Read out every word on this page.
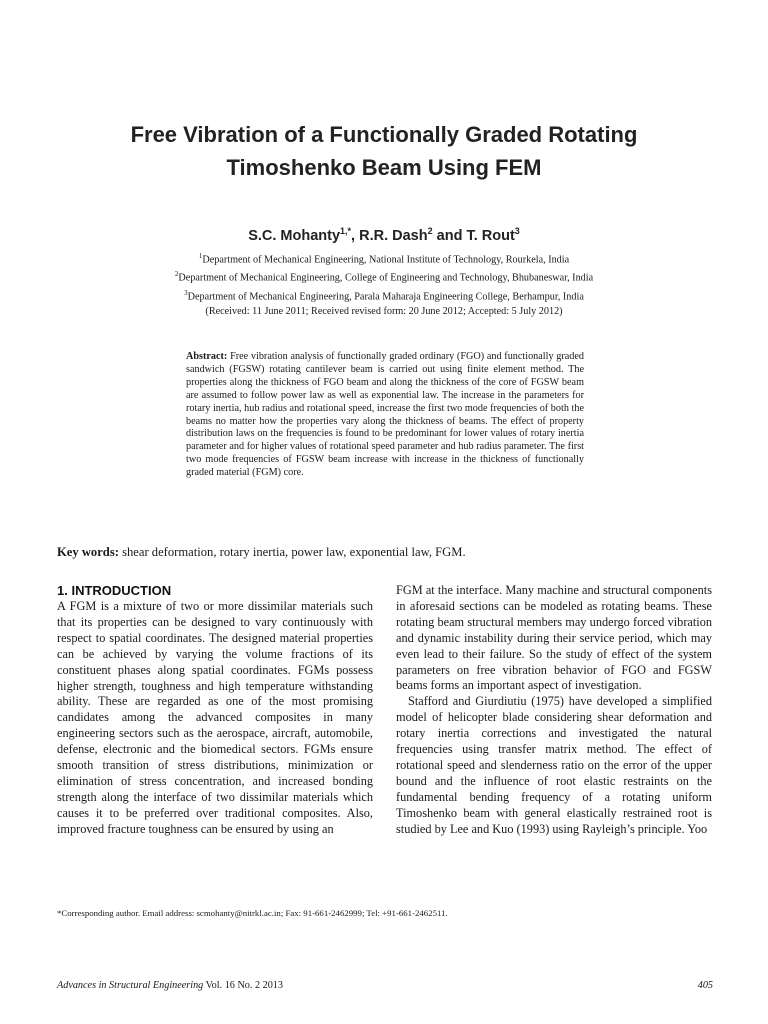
Free Vibration of a Functionally Graded Rotating
Timoshenko Beam Using FEM
S.C. Mohanty$^{1,*}$, R.R. Dash$^2$ and T. Rout$^3$
$^1$Department of Mechanical Engineering, National Institute of Technology, Rourkela, India
$^2$Department of Mechanical Engineering, College of Engineering and Technology, Bhubaneswar, India
$^3$Department of Mechanical Engineering, Parala Maharaja Engineering College, Berhampur, India
(Received: 11 June 2011; Received revised form: 20 June 2012; Accepted: 5 July 2012)
Abstract: Free vibration analysis of functionally graded ordinary (FGO) and functionally graded sandwich (FGSW) rotating cantilever beam is carried out using finite element method. The properties along the thickness of FGO beam and along the thickness of the core of FGSW beam are assumed to follow power law as well as exponential law. The increase in the parameters for rotary inertia, hub radius and rotational speed, increase the first two mode frequencies of both the beams no matter how the properties vary along the thickness of beams. The effect of property distribution laws on the frequencies is found to be predominant for lower values of rotary inertia parameter and for higher values of rotational speed parameter and hub radius parameter. The first two mode frequencies of FGSW beam increase with increase in the thickness of functionally graded material (FGM) core.
Key words: shear deformation, rotary inertia, power law, exponential law, FGM.
1. INTRODUCTION

A FGM is a mixture of two or more dissimilar materials such that its properties can be designed to vary continuously with respect to spatial coordinates. The designed material properties can be achieved by varying the volume fractions of its constituent phases along spatial coordinates. FGMs possess higher strength, toughness and high temperature withstanding ability. These are regarded as one of the most promising candidates among the advanced composites in many engineering sectors such as the aerospace, aircraft, automobile, defense, electronic and the biomedical sectors. FGMs ensure smooth transition of stress distributions, minimization or elimination of stress concentration, and increased bonding strength along the interface of two dissimilar materials which causes it to be preferred over traditional composites. Also, improved fracture toughness can be ensured by using an

FGM at the interface. Many machine and structural components in aforesaid sections can be modeled as rotating beams. These rotating beam structural members may undergo forced vibration and dynamic instability during their service period, which may even lead to their failure. So the study of effect of the system parameters on free vibration behavior of FGO and FGSW beams forms an important aspect of investigation.

Stafford and Giurdiutiu (1975) have developed a simplified model of helicopter blade considering shear deformation and rotary inertia corrections and investigated the natural frequencies using transfer matrix method. The effect of rotational speed and slenderness ratio on the error of the upper bound and the influence of root elastic restraints on the fundamental bending frequency of a rotating uniform Timoshenko beam with general elastically restrained root is studied by Lee and Kuo (1993) using Rayleigh’s principle. Yoo

*Corresponding author. Email address: scmohanty@nitrkl.ac.in; Fax: 91-661-2462999; Tel: +91-661-2462511.
Advances in Structural Engineering Vol. 16 No. 2 2013	405
